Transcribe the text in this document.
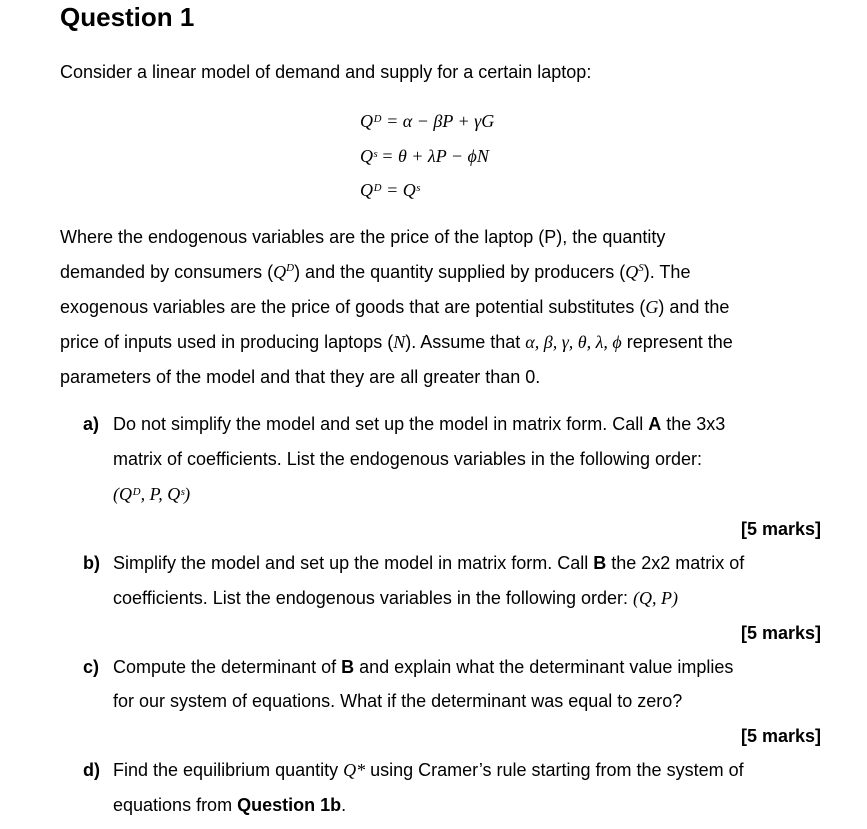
Question 1
Consider a linear model of demand and supply for a certain laptop:
Qᴰ = α − βP + γG
Qˢ = θ + λP − ϕN
Qᴰ = Qˢ
Where the endogenous variables are the price of the laptop (P), the quantity
demanded by consumers $(Q^D)$ and the quantity supplied by producers $(Q^S)$. The
exogenous variables are the price of goods that are potential substitutes (G) and the
price of inputs used in producing laptops (N). Assume that α, β, γ, θ, λ, ϕ represent the
parameters of the model and that they are all greater than 0.
a) Do not simplify the model and set up the model in matrix form. Call A the 3x3
matrix of coefficients. List the endogenous variables in the following order:
(Qᴰ, P, Qˢ)
[5 marks]
b) Simplify the model and set up the model in matrix form. Call B the 2x2 matrix of
coefficients. List the endogenous variables in the following order: (Q, P)
[5 marks]
c) Compute the determinant of B and explain what the determinant value implies
for our system of equations. What if the determinant was equal to zero?
[5 marks]
d) Find the equilibrium quantity Q* using Cramer’s rule starting from the system of
equations from Question 1b.
